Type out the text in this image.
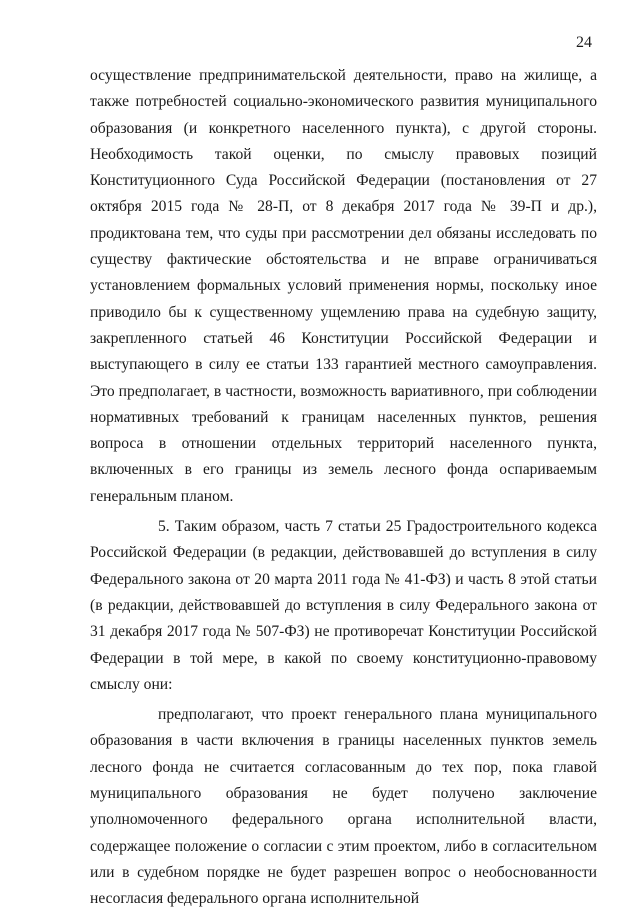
24

осуществление предпринимательской деятельности, право на жилище, а также потребностей социально-экономического развития муниципального образования (и конкретного населенного пункта), с другой стороны. Необходимость такой оценки, по смыслу правовых позиций Конституционного Суда Российской Федерации (постановления от 27 октября 2015 года № 28-П, от 8 декабря 2017 года № 39-П и др.), продиктована тем, что суды при рассмотрении дел обязаны исследовать по существу фактические обстоятельства и не вправе ограничиваться установлением формальных условий применения нормы, поскольку иное приводило бы к существенному ущемлению права на судебную защиту, закрепленного статьей 46 Конституции Российской Федерации и выступающего в силу ее статьи 133 гарантией местного самоуправления. Это предполагает, в частности, возможность вариативного, при соблюдении нормативных требований к границам населенных пунктов, решения вопроса в отношении отдельных территорий населенного пункта, включенных в его границы из земель лесного фонда оспариваемым генеральным планом.

5. Таким образом, часть 7 статьи 25 Градостроительного кодекса Российской Федерации (в редакции, действовавшей до вступления в силу Федерального закона от 20 марта 2011 года № 41-ФЗ) и часть 8 этой статьи (в редакции, действовавшей до вступления в силу Федерального закона от 31 декабря 2017 года № 507-ФЗ) не противоречат Конституции Российской Федерации в той мере, в какой по своему конституционно-правовому смыслу они:

предполагают, что проект генерального плана муниципального образования в части включения в границы населенных пунктов земель лесного фонда не считается согласованным до тех пор, пока главой муниципального образования не будет получено заключение уполномоченного федерального органа исполнительной власти, содержащее положение о согласии с этим проектом, либо в согласительном или в судебном порядке не будет разрешен вопрос о необоснованности несогласия федерального органа исполнительной
